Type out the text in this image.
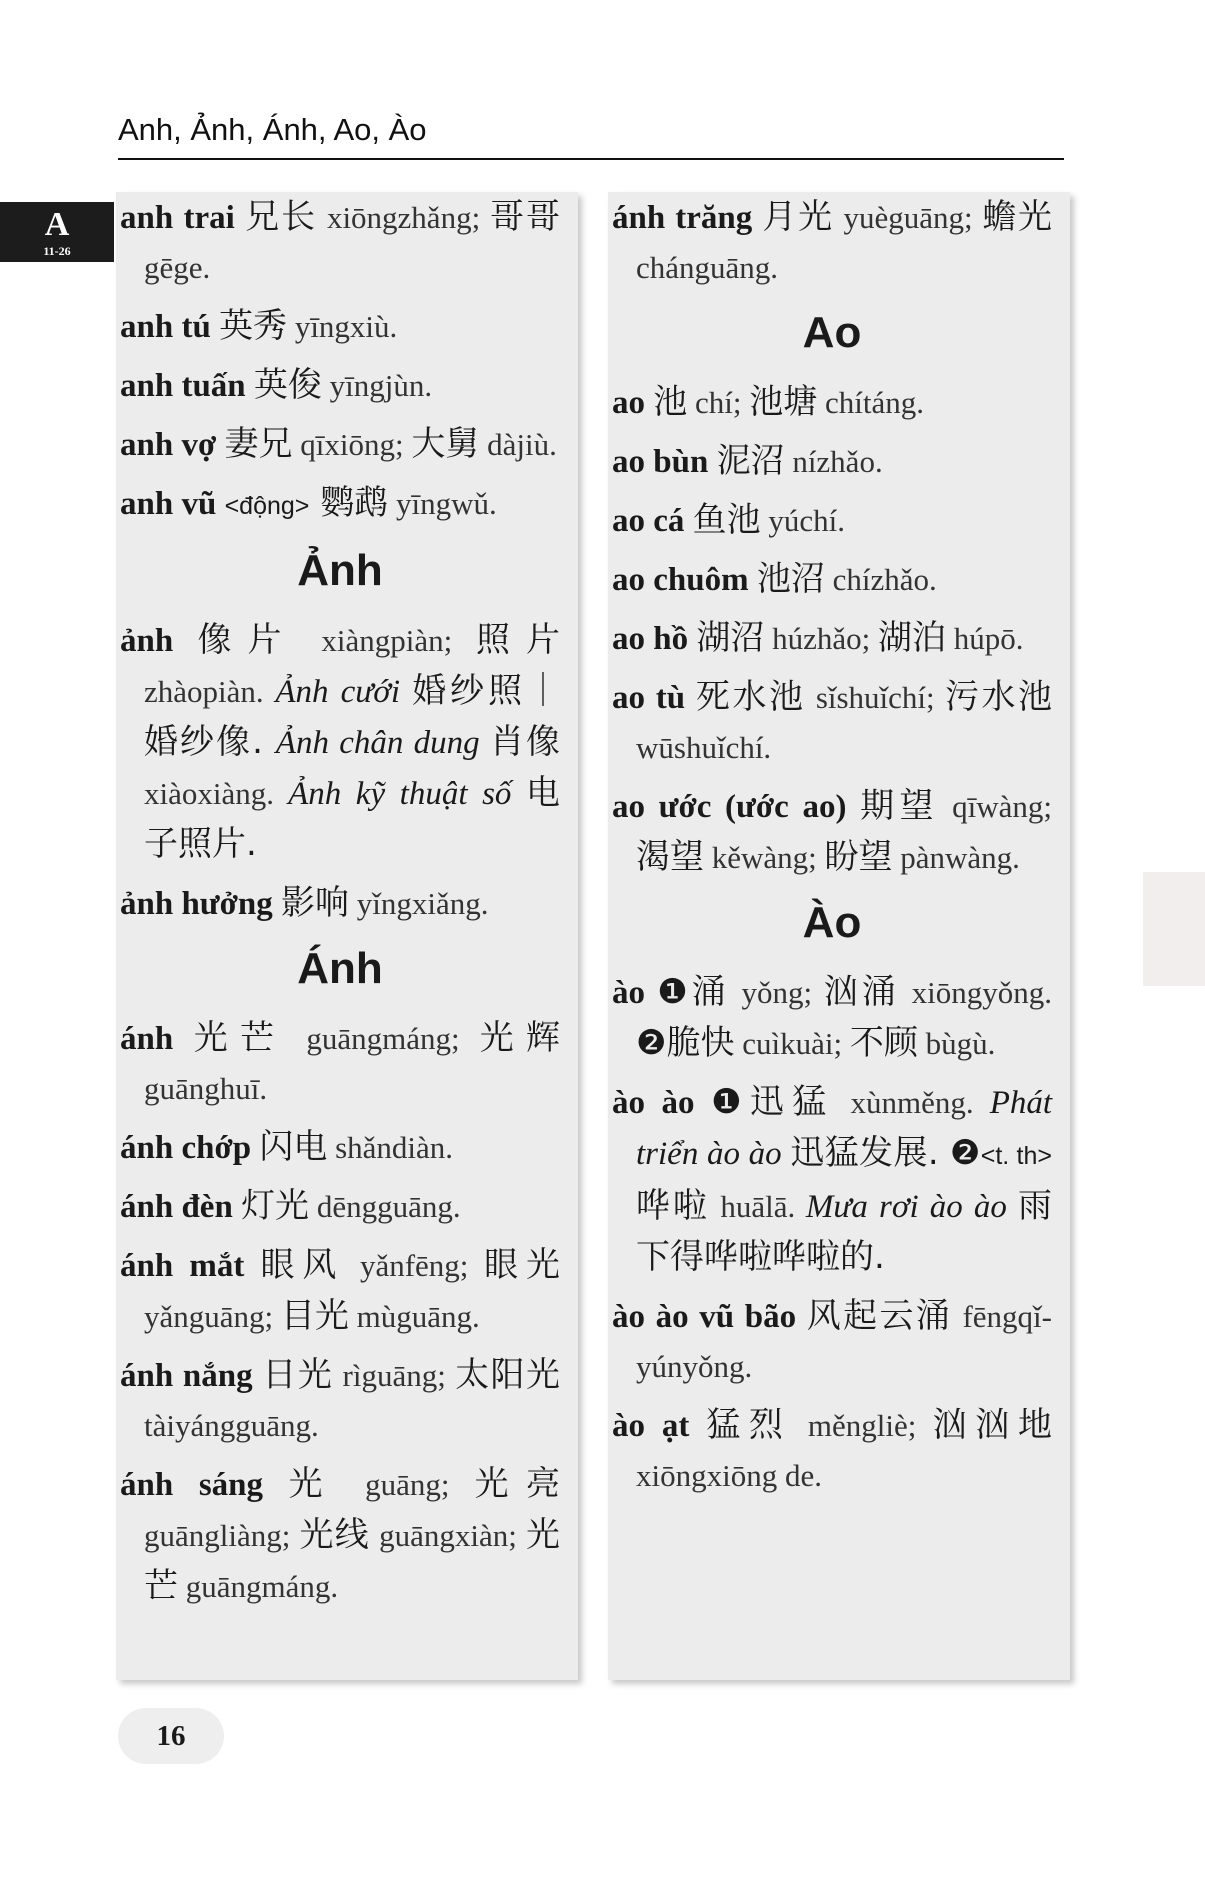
Anh, Ảnh, Ánh, Ao, Ào
A
11-26
anh trai 兄长 xiōngzhǎng; 哥哥 gēge.
anh tú 英秀 yīngxiù.
anh tuấn 英俊 yīngjùn.
anh vợ 妻兄 qīxiōng; 大舅 dàjiù.
anh vũ <động> 鹦鹉 yīngwǔ.
Ảnh
ảnh 像片 xiàngpiàn; 照片 zhàopiàn. Ảnh cưới 婚纱照｜婚纱像. Ảnh chân dung 肖像 xiàoxiàng. Ảnh kỹ thuật số 电子照片.
ảnh hưởng 影响 yǐngxiǎng.
Ánh
ánh 光芒 guāngmáng; 光辉 guānghuī.
ánh chớp 闪电 shǎndiàn.
ánh đèn 灯光 dēngguāng.
ánh mắt 眼风 yǎnfēng; 眼光 yǎnguāng; 目光 mùguāng.
ánh nắng 日光 rìguāng; 太阳光 tàiyángguāng.
ánh sáng 光 guāng; 光亮 guāngliàng; 光线 guāngxiàn; 光芒 guāngmáng.
ánh trăng 月光 yuèguāng; 蟾光 chánguāng.
Ao
ao 池 chí; 池塘 chítáng.
ao bùn 泥沼 nízhǎo.
ao cá 鱼池 yúchí.
ao chuôm 池沼 chízhǎo.
ao hồ 湖沼 húzhǎo; 湖泊 húpō.
ao tù 死水池 sǐshuǐchí; 污水池 wūshuǐchí.
ao ước (ước ao) 期望 qīwàng; 渴望 kěwàng; 盼望 pànwàng.
Ào
ào ❶涌 yǒng; 汹涌 xiōngyǒng. ❷脆快 cuìkuài; 不顾 bùgù.
ào ào ❶迅猛 xùnměng. Phát triển ào ào 迅猛发展. ❷<t. th> 哗啦 huālā. Mưa rơi ào ào 雨下得哗啦哗啦的.
ào ào vũ bão 风起云涌 fēngqǐ-yúnyǒng.
ào ạt 猛烈 měngliè; 汹汹地 xiōngxiōng de.
16
